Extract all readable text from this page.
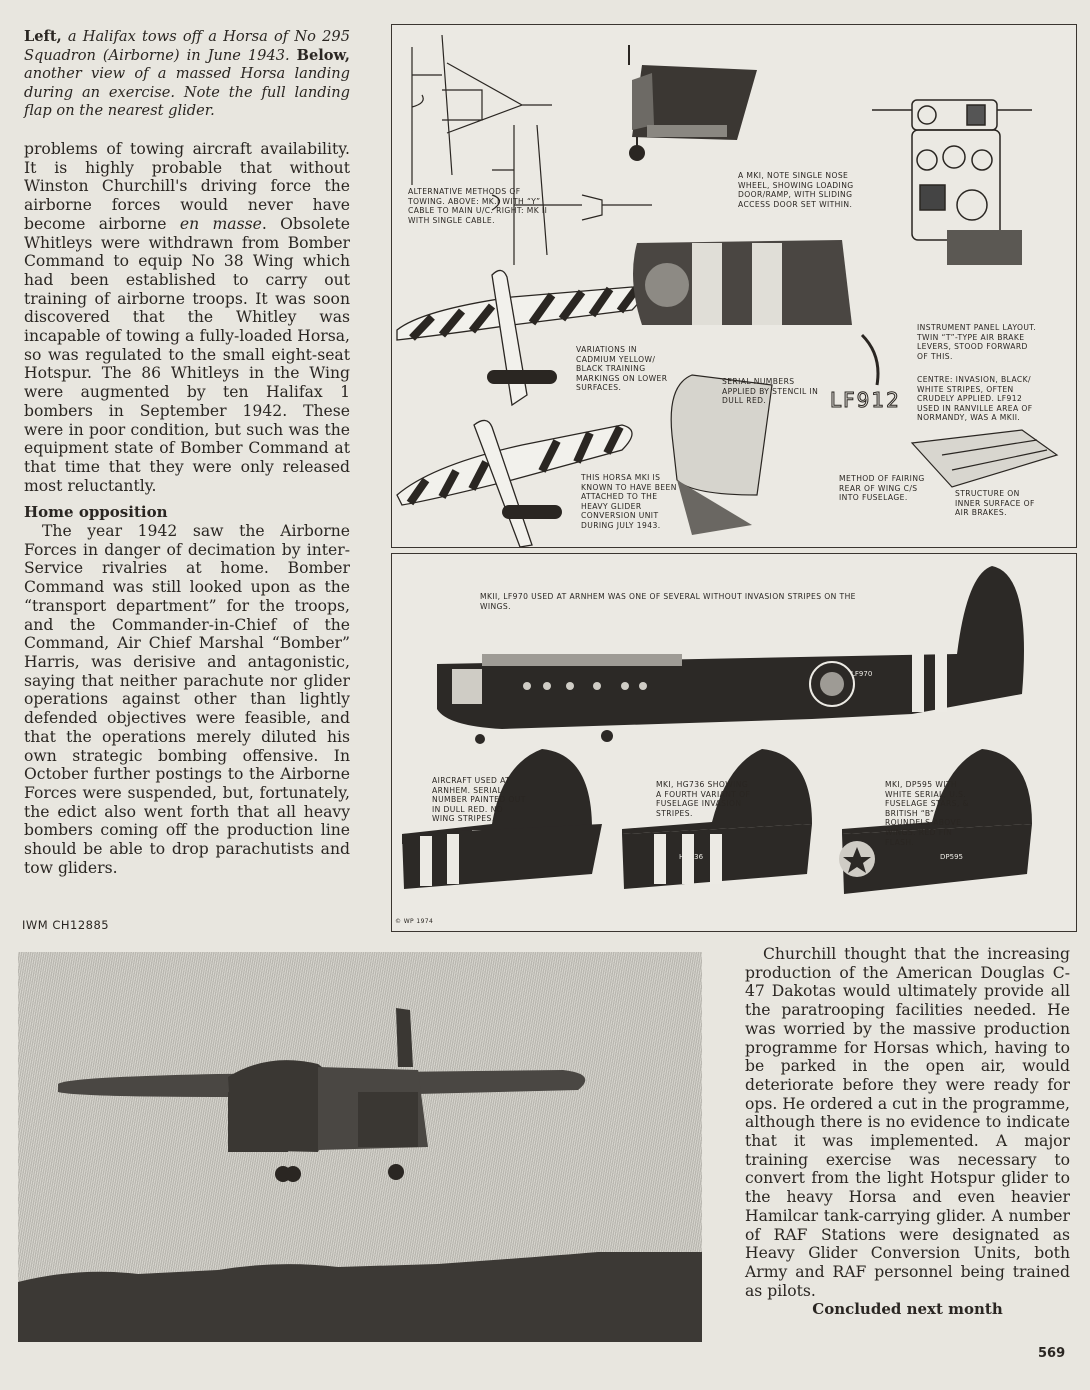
Left, a Halifax tows off a Horsa of No 295 Squadron (Airborne) in June 1943. Below, another view of a massed Horsa landing during an exercise. Note the full landing flap on the nearest glider.

problems of towing aircraft availability. It is highly probable that without Winston Churchill's driving force the airborne forces would never have become airborne en masse. Obsolete Whitleys were withdrawn from Bomber Command to equip No 38 Wing which had been established to carry out training of airborne troops. It was soon discovered that the Whitley was incapable of towing a fully-loaded Horsa, so was regulated to the small eight-seat Hotspur. The 86 Whitleys in the Wing were augmented by ten Halifax 1 bombers in September 1942. These were in poor condition, but such was the equipment state of Bomber Command at that time that they were only released most reluctantly.

Home opposition

The year 1942 saw the Airborne Forces in danger of decimation by inter-Service rivalries at home. Bomber Command was still looked upon as the “transport department” for the troops, and the Commander-in-Chief of the Command, Air Chief Marshal “Bomber” Harris, was derisive and antagonistic, saying that neither parachute nor glider operations against other than lightly defended objectives were feasible, and that the operations merely diluted his own strategic bombing offensive. In October further postings to the Airborne Forces were suspended, but, fortunately, the edict also went forth that all heavy bombers coming off the production line should be able to drop parachutists and tow gliders.

IWM CH12885
LF912
ALTERNATIVE METHODS OF TOWING. ABOVE: MK.I WITH “Y” CABLE TO MAIN U/C. RIGHT: MK II WITH SINGLE CABLE.
A MKI, NOTE SINGLE NOSE WHEEL, SHOWING LOADING DOOR/RAMP, WITH SLIDING ACCESS DOOR SET WITHIN.
VARIATIONS IN CADMIUM YELLOW/ BLACK TRAINING MARKINGS ON LOWER SURFACES.
SERIAL NUMBERS APPLIED BY STENCIL IN DULL RED.
INSTRUMENT PANEL LAYOUT. TWIN “T”-TYPE AIR BRAKE LEVERS, STOOD FORWARD OF THIS.
CENTRE: INVASION, BLACK/ WHITE STRIPES, OFTEN CRUDELY APPLIED. LF912 USED IN RANVILLE AREA OF NORMANDY, WAS A MKII.
THIS HORSA MKI IS KNOWN TO HAVE BEEN ATTACHED TO THE HEAVY GLIDER CONVERSION UNIT DURING JULY 1943.
METHOD OF FAIRING REAR OF WING C/S INTO FUSELAGE.	STRUCTURE ON INNER SURFACE OF AIR BRAKES.
LF970
HG736	DP595
MKII, LF970 USED AT ARNHEM WAS ONE OF SEVERAL WITHOUT INVASION STRIPES ON THE WINGS.
AIRCRAFT USED AT ARNHEM. SERIAL NUMBER PAINTED OUT IN DULL RED. NO WING STRIPES.
MKI, HG736 SHOWING A FOURTH VARIANT OF FUSELAGE INVASION STRIPES.
MKI, DP595 WITH WHITE SERIAL, U.S. FUSELAGE STARS, & BRITISH “B” ROUNDELS ABOVE WINGS. RED FIN FLASH.
© WP 1974

Churchill thought that the increasing production of the American Douglas C-47 Dakotas would ultimately provide all the paratrooping facilities needed. He was worried by the massive production programme for Horsas which, having to be parked in the open air, would deteriorate before they were ready for ops. He ordered a cut in the programme, although there is no evidence to indicate that it was implemented. A major training exercise was necessary to convert from the light Hotspur glider to the heavy Horsa and even heavier Hamilcar tank-carrying glider. A number of RAF Stations were designated as Heavy Glider Conversion Units, both Army and RAF personnel being trained as pilots.

Concluded next month

569
